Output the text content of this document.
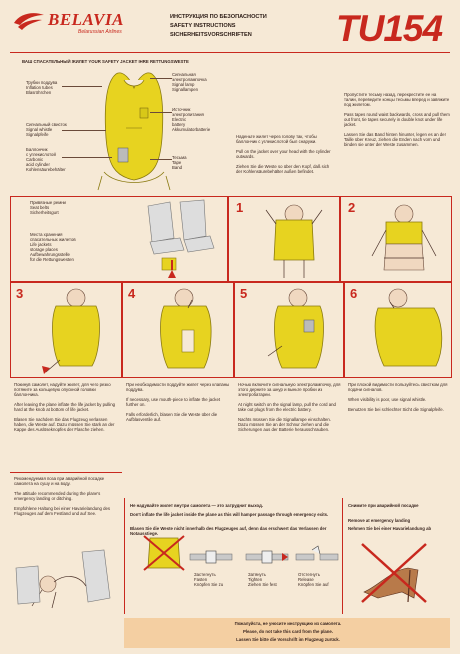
BELAVIA
Belarussian Airlines
ИНСТРУКЦИЯ ПО БЕЗОПАСНОСТИ
SAFETY INSTRUCTIONS
SICHERHEITSVORSCHRIFTEN TU154
ВАШ СПАСАТЕЛЬНЫЙ ЖИЛЕТ YOUR SAFETY JACKET IHRE RETTUNGSWESTE
Трубки поддува
Inflation tubes
Blasröhrchen
Сигнальный свисток
Signal whistle
Signalpfeife
Баллончик
с углекислотой
Carbonic
acid cylinder
Kohlensäurebehälter
Сигнальная
электролампочка
Signal lamp
Signallampen
Источник
электропитания
Electric
battery
Akkumulatorbatterie
Тесьма
Tape
Band
Наденьте жилет через голову так, чтобы баллончик с углекислотой был снаружи.

Pull on the jacket over your head with the cylinder outwards.

Ziehen Sie die Weste so über den Kopf, daß sich der Kohlensäurebehälter außen befindet.
Пропустите тесьму назад, перекрестите ее на талии, переведите концы тесьмы вперед и завяжите под жилетом.

Pass tapes round waist backwards, cross and pull them out front, tie tapes securely in double knot under life jacket.

Lassen Sie das Band hinten hinunter, legen es an der Taille über Kreuz, ziehen die Enden nach vorn und binden sie unter der Weste zusammen.
Привязные ремни
Seat belts
Sicherheitsgurt
Места хранения
спасательных жилетов
Life jackets
storage places
Aufbewahrungsstelle
für die Rettungswesten
1	2
3	4	5	6
Покинув самолет, надуйте жилет, для чего резко потяните за кольцевую опускной головки баллончика.

After leaving the plane inflate the life jacket by pulling hard at the knob at bottom of life jacket.

Blasen Sie nachdem Sie das Flugzeug verlassen haben, die Weste auf. Dazu müssen Sie stark an der Kappe des Auslöseknopfes der Flasche ziehen.
При необходимости поддуйте жилет через клапаны поддува.

If necessary, use mouth-piece to inflate the jacket further on.

Falls erforderlich, blasen Sie die Weste über die Aufblasventile auf.
Ночью включите сигнальную электролампочку, для этого дерните за шнур и выньте пробки из электробатареи.

At night switch on the signal lamp, pull the cord and take out plugs from the electric battery.

Nachts müssen Sie die Signallampe einschalten. Dazu müssen Sie an der Schnur ziehen und die Sicherungen aus der Batterie herausschrauben.
При плохой видимости пользуйтесь свистком для подачи сигналов.

When visibility is poor, use signal whistle.

Benutzen Sie bei schlechter Sicht die Signalpfeife.
Рекомендуемая поза при аварийной посадке самолета на сушу и на воду.

The attitude recommended during the plane's emergency landing or ditching.

Empfohlene Haltung bei einer Havarielandung des Flugzeuges auf dem Festland und auf See.
Не надувайте жилет внутри самолета — это затруднит выход.
Don't inflate the life jacket inside the plane as this will hamper passage through emergency exits.
Blasen Sie die Weste nicht innerhalb des Flugzeuges auf, denn das erschwert das Verlassen der Notausstiege.
Застегнуть
Fasten
Knöpfen Sie zu
Затянуть
Tighten
Ziehen Sie fest
Отстегнуть
Release
Knöpfen Sie auf
Снимите при аварийной посадке
Remove at emergency landing
Nehmen Sie bei einer Havarielandung ab
Пожалуйста, не уносите инструкцию из самолета.
Please, do not take this card from the plane.
Lassen Sie bitte die Vorschrift im Flugzeug zurück.
